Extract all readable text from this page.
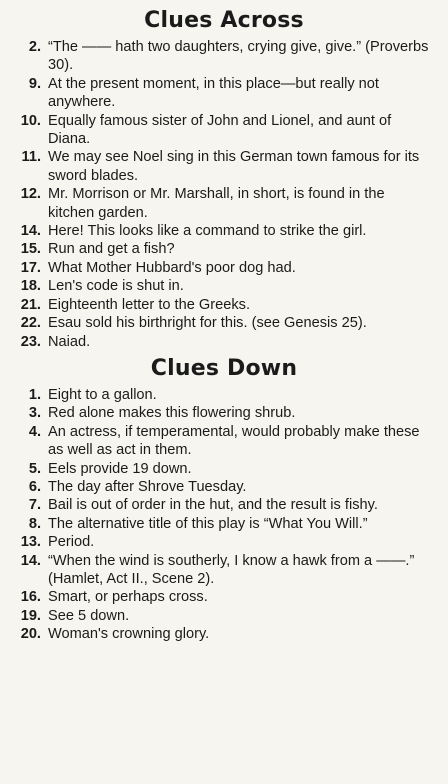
Clues Across
2. “The —— hath two daughters, crying give, give.” (Proverbs 30).
9. At the present moment, in this place—but really not anywhere.
10. Equally famous sister of John and Lionel, and aunt of Diana.
11. We may see Noel sing in this German town famous for its sword blades.
12. Mr. Morrison or Mr. Marshall, in short, is found in the kitchen garden.
14. Here! This looks like a command to strike the girl.
15. Run and get a fish?
17. What Mother Hubbard's poor dog had.
18. Len's code is shut in.
21. Eighteenth letter to the Greeks.
22. Esau sold his birthright for this. (see Genesis 25).
23. Naiad.
Clues Down
1. Eight to a gallon.
3. Red alone makes this flowering shrub.
4. An actress, if temperamental, would probably make these as well as act in them.
5. Eels provide 19 down.
6. The day after Shrove Tuesday.
7. Bail is out of order in the hut, and the result is fishy.
8. The alternative title of this play is “What You Will.”
13. Period.
14. “When the wind is southerly, I know a hawk from a ——.” (Hamlet, Act II., Scene 2).
16. Smart, or perhaps cross.
19. See 5 down.
20. Woman's crowning glory.
